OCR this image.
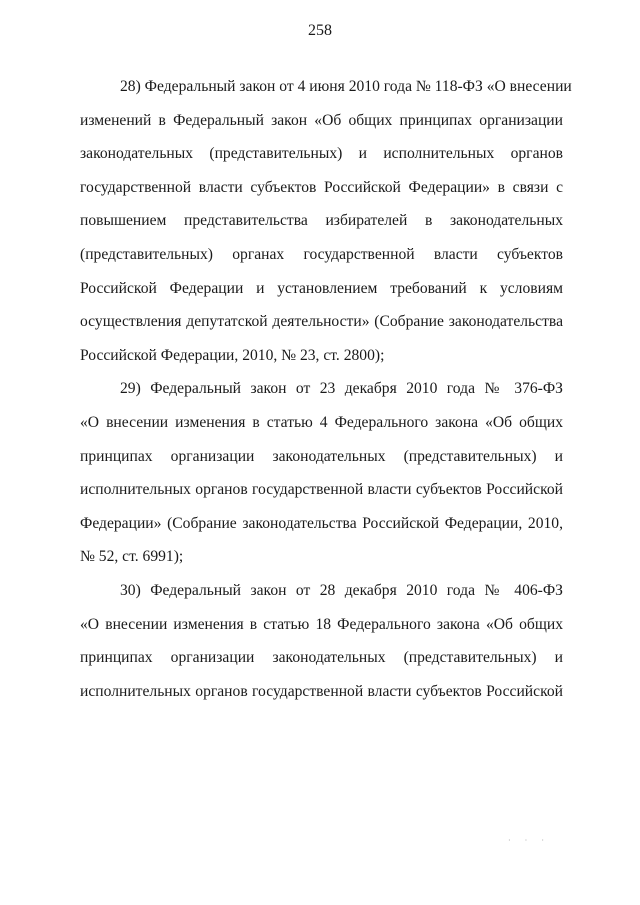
258
28) Федеральный закон от 4 июня 2010 года № 118-ФЗ «О внесении
изменений в Федеральный закон «Об общих принципах организации
законодательных (представительных) и исполнительных органов
государственной власти субъектов Российской Федерации» в связи с
повышением представительства избирателей в законодательных
(представительных) органах государственной власти субъектов
Российской Федерации и установлением требований к условиям
осуществления депутатской деятельности» (Собрание законодательства
Российской Федерации, 2010, № 23, ст. 2800);
29) Федеральный закон от 23 декабря 2010 года № 376-ФЗ
«О внесении изменения в статью 4 Федерального закона «Об общих
принципах организации законодательных (представительных) и
исполнительных органов государственной власти субъектов Российской
Федерации» (Собрание законодательства Российской Федерации, 2010,
№ 52, ст. 6991);
30) Федеральный закон от 28 декабря 2010 года № 406-ФЗ
«О внесении изменения в статью 18 Федерального закона «Об общих
принципах организации законодательных (представительных) и
исполнительных органов государственной власти субъектов Российской
· · ·
